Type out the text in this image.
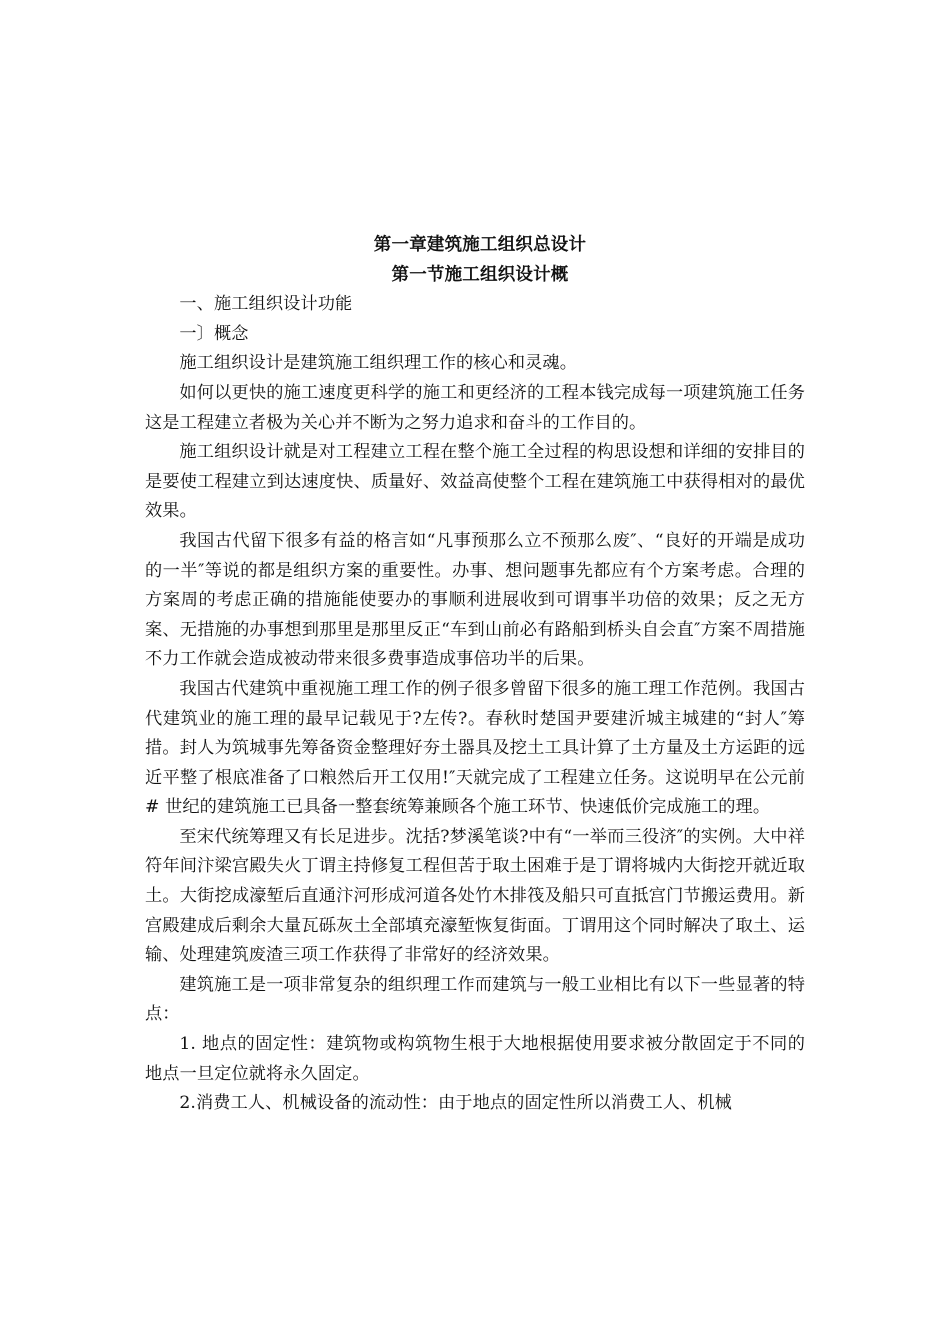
第一章建筑施工组织总设计
第一节施工组织设计概

一、施工组织设计功能

一〕概念

施工组织设计是建筑施工组织理工作的核心和灵魂。

如何以更快的施工速度更科学的施工和更经济的工程本钱完成每一项建筑施工任务这是工程建立者极为关心并不断为之努力追求和奋斗的工作目的。

施工组织设计就是对工程建立工程在整个施工全过程的构思设想和详细的安排目的是要使工程建立到达速度快、质量好、效益高使整个工程在建筑施工中获得相对的最优效果。

我国古代留下很多有益的格言如“凡事预那么立不预那么废″、“良好的开端是成功的一半″等说的都是组织方案的重要性。办事、想问题事先都应有个方案考虑。合理的方案周的考虑正确的措施能使要办的事顺利进展收到可谓事半功倍的效果；反之无方案、无措施的办事想到那里是那里反正“车到山前必有路船到桥头自会直″方案不周措施不力工作就会造成被动带来很多费事造成事倍功半的后果。

我国古代建筑中重视施工理工作的例子很多曾留下很多的施工理工作范例。我国古代建筑业的施工理的最早记载见于?左传?。春秋时楚国尹要建沂城主城建的“封人″筹措。封人为筑城事先筹备资金整理好夯土器具及挖土工具计算了土方量及土方运距的远近平整了根底准备了口粮然后开工仅用!″天就完成了工程建立任务。这说明早在公元前# 世纪的建筑施工已具备一整套统筹兼顾各个施工环节、快速低价完成施工的理。

至宋代统筹理又有长足进步。沈括?梦溪笔谈?中有“一举而三役济″的实例。大中祥符年间汴梁宫殿失火丁谓主持修复工程但苦于取土困难于是丁谓将城内大街挖开就近取土。大街挖成濠堑后直通汴河形成河道各处竹木排筏及船只可直抵宫门节搬运费用。新宫殿建成后剩余大量瓦砾灰土全部填充濠堑恢复街面。丁谓用这个同时解决了取土、运输、处理建筑废渣三项工作获得了非常好的经济效果。

建筑施工是一项非常复杂的组织理工作而建筑与一般工业相比有以下一些显著的特点：

1. 地点的固定性：建筑物或构筑物生根于大地根据使用要求被分散固定于不同的地点一旦定位就将永久固定。

2.消费工人、机械设备的流动性：由于地点的固定性所以消费工人、机械
